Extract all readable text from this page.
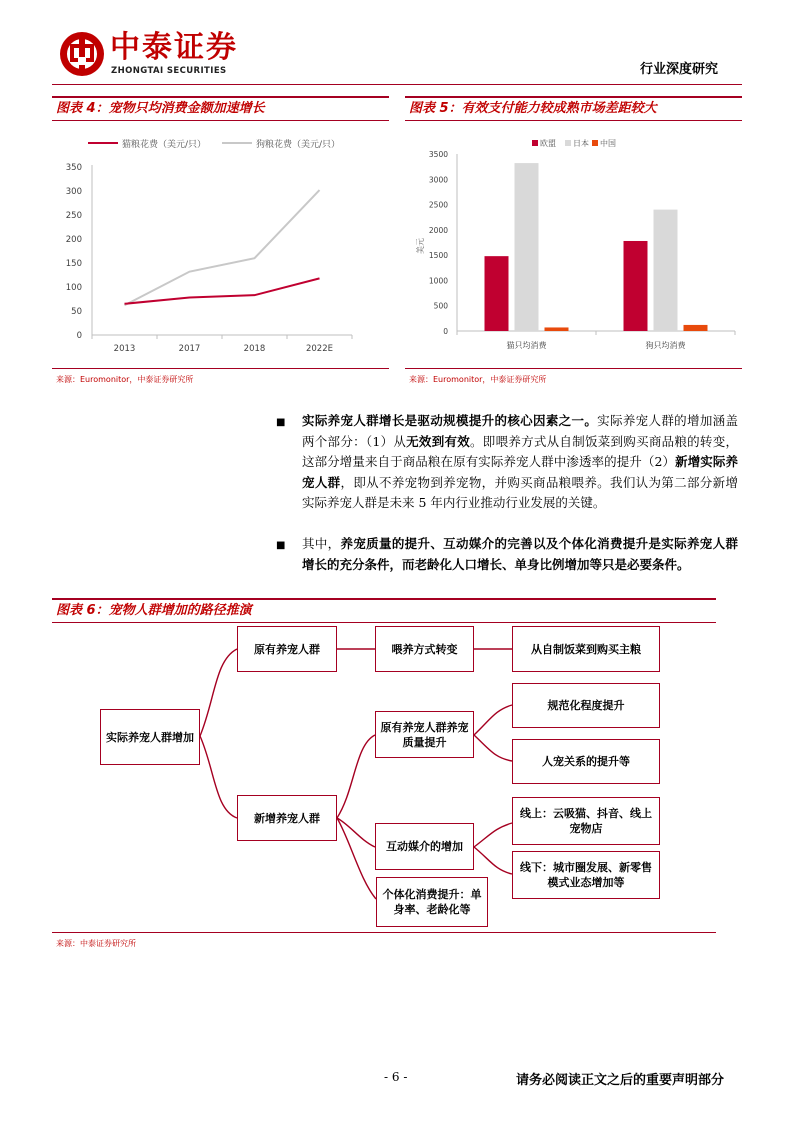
中泰证券
ZHONGTAI SECURITIES	行业深度研究
图表 4：宠物只均消费金额加速增长
猫粮花费（美元/只）	狗粮花费（美元/只）
0
50
100
150
200
250
300
350
2013	2017	2018	2022E
来源：Euromonitor，中泰证券研究所
图表 5：有效支付能力较成熟市场差距较大
欧盟 日本 中国
美元
0
500
1000
1500
2000
2500
3000
3500
猫只均消费	狗只均消费
来源：Euromonitor，中泰证券研究所
■ 实际养宠人群增长是驱动规模提升的核心因素之一。实际养宠人群的增加涵盖两个部分：（1）从无效到有效。即喂养方式从自制饭菜到购买商品粮的转变，这部分增量来自于商品粮在原有实际养宠人群中渗透率的提升（2）新增实际养宠人群，即从不养宠物到养宠物，并购买商品粮喂养。我们认为第二部分新增实际养宠人群是未来 5 年内行业推动行业发展的关键。
■ 其中，养宠质量的提升、互动媒介的完善以及个体化消费提升是实际养宠人群增长的充分条件，而老龄化人口增长、单身比例增加等只是必要条件。
图表 6：宠物人群增加的路径推演
实际养宠人群增加
原有养宠人群	喂养方式转变	从自制饭菜到购买主粮
新增养宠人群
原有养宠人群养宠质量提升
规范化程度提升
人宠关系的提升等
互动媒介的增加
线上：云吸猫、抖音、线上宠物店
线下：城市圈发展、新零售模式业态增加等
个体化消费提升：单身率、老龄化等
来源：中泰证券研究所
- 6 -	请务必阅读正文之后的重要声明部分
